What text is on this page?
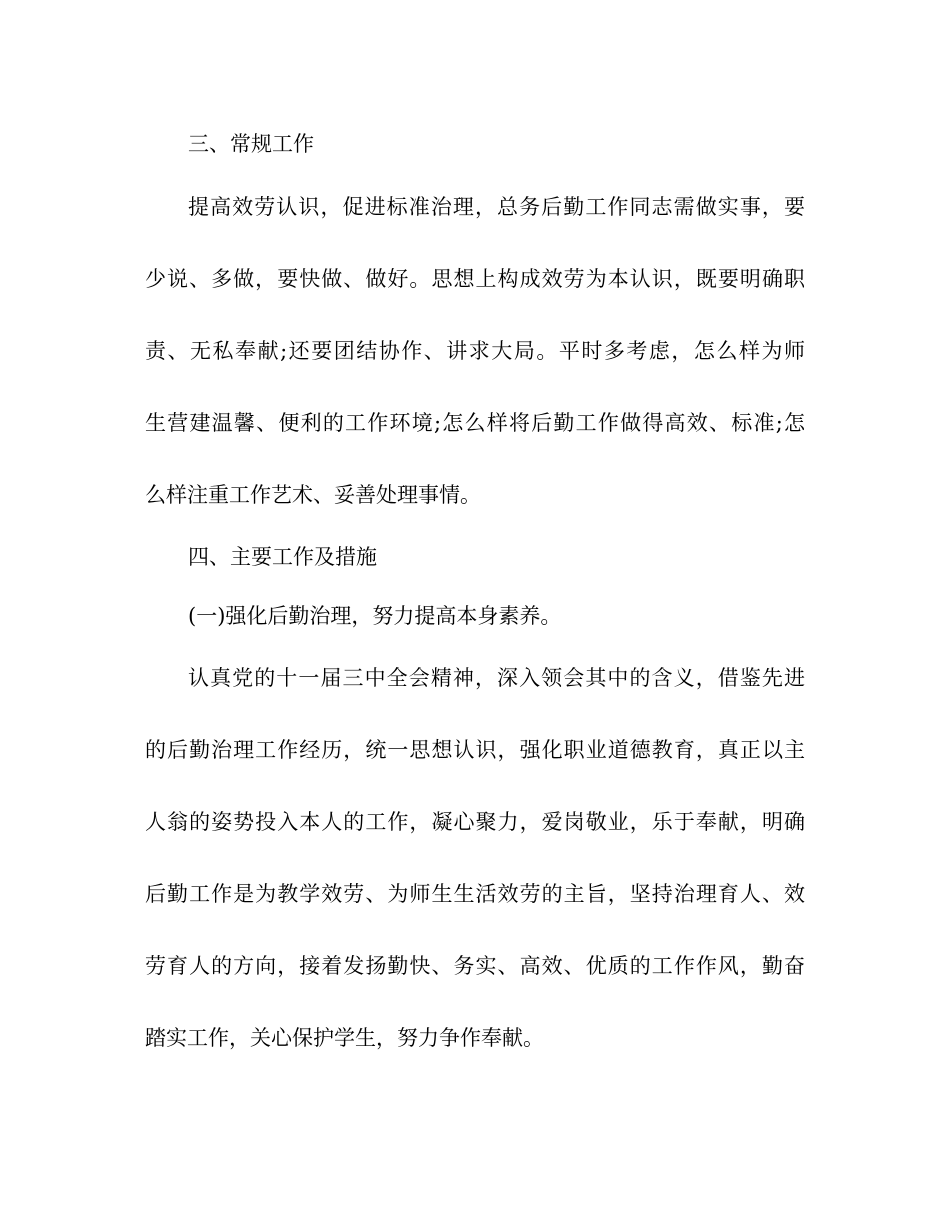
三、常规工作
提高效劳认识，促进标准治理，总务后勤工作同志需做实事，要
少说、多做，要快做、做好。思想上构成效劳为本认识，既要明确职
责、无私奉献;还要团结协作、讲求大局。平时多考虑，怎么样为师
生营建温馨、便利的工作环境;怎么样将后勤工作做得高效、标准;怎
么样注重工作艺术、妥善处理事情。
四、主要工作及措施
(一)强化后勤治理，努力提高本身素养。
认真党的十一届三中全会精神，深入领会其中的含义，借鉴先进
的后勤治理工作经历，统一思想认识，强化职业道德教育，真正以主
人翁的姿势投入本人的工作，凝心聚力，爱岗敬业，乐于奉献，明确
后勤工作是为教学效劳、为师生生活效劳的主旨，坚持治理育人、效
劳育人的方向，接着发扬勤快、务实、高效、优质的工作作风，勤奋
踏实工作，关心保护学生，努力争作奉献。
